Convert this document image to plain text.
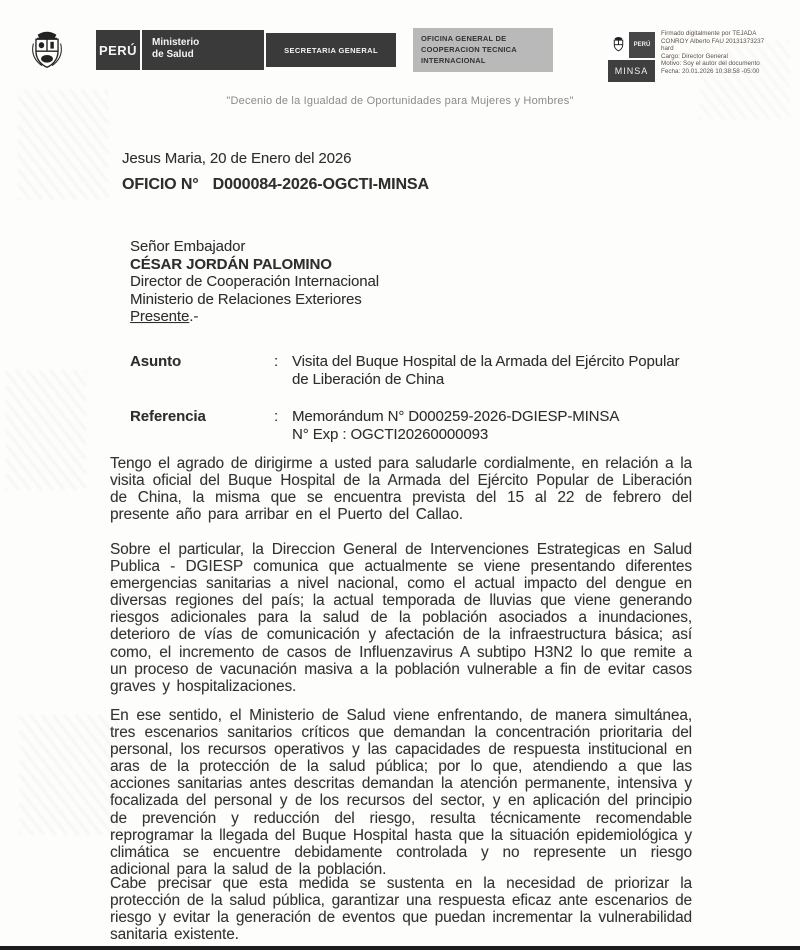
PERÚ Ministerio
de Salud	SECRETARIA GENERAL
OFICINA GENERAL DE
COOPERACION TECNICA
INTERNACIONAL
PERÚ
MINSA
Firmado digitalmente por TEJADA
CONROY Alberto FAU 20131373237
hard
Cargo: Director General
Motivo: Soy el autor del documento
Fecha: 20.01.2026 10:38:58 -05:00
"Decenio de la Igualdad de Oportunidades para Mujeres y Hombres"
Jesus Maria, 20 de Enero del 2026
OFICIO N° D000084-2026-OGCTI-MINSA
Señor Embajador
CÉSAR JORDÁN PALOMINO
Director de Cooperación Internacional
Ministerio de Relaciones Exteriores
Presente.-
Asunto	: Visita del Buque Hospital de la Armada del Ejército Popular de Liberación de China
Referencia	: Memorándum N° D000259-2026-DGIESP-MINSA
N° Exp : OGCTI20260000093
Tengo el agrado de dirigirme a usted para saludarle cordialmente, en relación a la visita oficial del Buque Hospital de la Armada del Ejército Popular de Liberación de China, la misma que se encuentra prevista del 15 al 22 de febrero del presente año para arribar en el Puerto del Callao.
Sobre el particular, la Direccion General de Intervenciones Estrategicas en Salud Publica - DGIESP comunica que actualmente se viene presentando diferentes emergencias sanitarias a nivel nacional, como el actual impacto del dengue en diversas regiones del país; la actual temporada de lluvias que viene generando riesgos adicionales para la salud de la población asociados a inundaciones, deterioro de vías de comunicación y afectación de la infraestructura básica; así como, el incremento de casos de Influenzavirus A subtipo H3N2 lo que remite a un proceso de vacunación masiva a la población vulnerable a fin de evitar casos graves y hospitalizaciones.
En ese sentido, el Ministerio de Salud viene enfrentando, de manera simultánea, tres escenarios sanitarios críticos que demandan la concentración prioritaria del personal, los recursos operativos y las capacidades de respuesta institucional en aras de la protección de la salud pública; por lo que, atendiendo a que las acciones sanitarias antes descritas demandan la atención permanente, intensiva y focalizada del personal y de los recursos del sector, y en aplicación del principio de prevención y reducción del riesgo, resulta técnicamente recomendable reprogramar la llegada del Buque Hospital hasta que la situación epidemiológica y climática se encuentre debidamente controlada y no represente un riesgo adicional para la salud de la población.
Cabe precisar que esta medida se sustenta en la necesidad de priorizar la protección de la salud pública, garantizar una respuesta eficaz ante escenarios de riesgo y evitar la generación de eventos que puedan incrementar la vulnerabilidad sanitaria existente.
